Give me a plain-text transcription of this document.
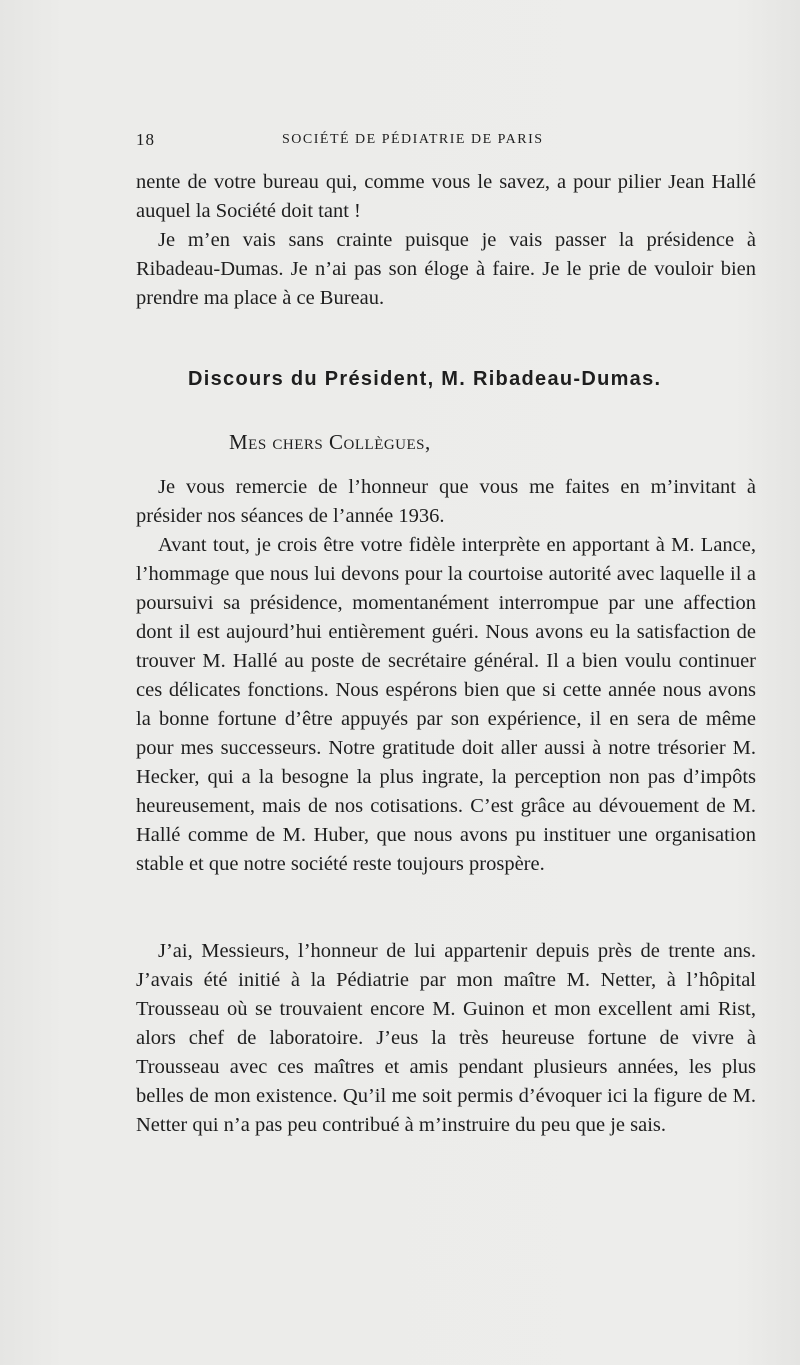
18	SOCIÉTÉ DE PÉDIATRIE DE PARIS

nente de votre bureau qui, comme vous le savez, a pour pilier Jean Hallé auquel la Société doit tant !

Je m’en vais sans crainte puisque je vais passer la présidence à Ribadeau-Dumas. Je n’ai pas son éloge à faire. Je le prie de vouloir bien prendre ma place à ce Bureau.

Discours du Président, M. Ribadeau-Dumas.
Mes chers Collègues,

Je vous remercie de l’honneur que vous me faites en m’invitant à présider nos séances de l’année 1936.

Avant tout, je crois être votre fidèle interprète en apportant à M. Lance, l’hommage que nous lui devons pour la courtoise autorité avec laquelle il a poursuivi sa présidence, momentanément interrompue par une affection dont il est aujourd’hui entièrement guéri. Nous avons eu la satisfaction de trouver M. Hallé au poste de secrétaire général. Il a bien voulu continuer ces délicates fonctions. Nous espérons bien que si cette année nous avons la bonne fortune d’être appuyés par son expérience, il en sera de même pour mes successeurs. Notre gratitude doit aller aussi à notre trésorier M. Hecker, qui a la besogne la plus ingrate, la perception non pas d’impôts heureusement, mais de nos cotisations. C’est grâce au dévouement de M. Hallé comme de M. Huber, que nous avons pu instituer une organisation stable et que notre société reste toujours prospère.

J’ai, Messieurs, l’honneur de lui appartenir depuis près de trente ans. J’avais été initié à la Pédiatrie par mon maître M. Netter, à l’hôpital Trousseau où se trouvaient encore M. Guinon et mon excellent ami Rist, alors chef de laboratoire. J’eus la très heureuse fortune de vivre à Trousseau avec ces maîtres et amis pendant plusieurs années, les plus belles de mon existence. Qu’il me soit permis d’évoquer ici la figure de M. Netter qui n’a pas peu contribué à m’instruire du peu que je sais.
